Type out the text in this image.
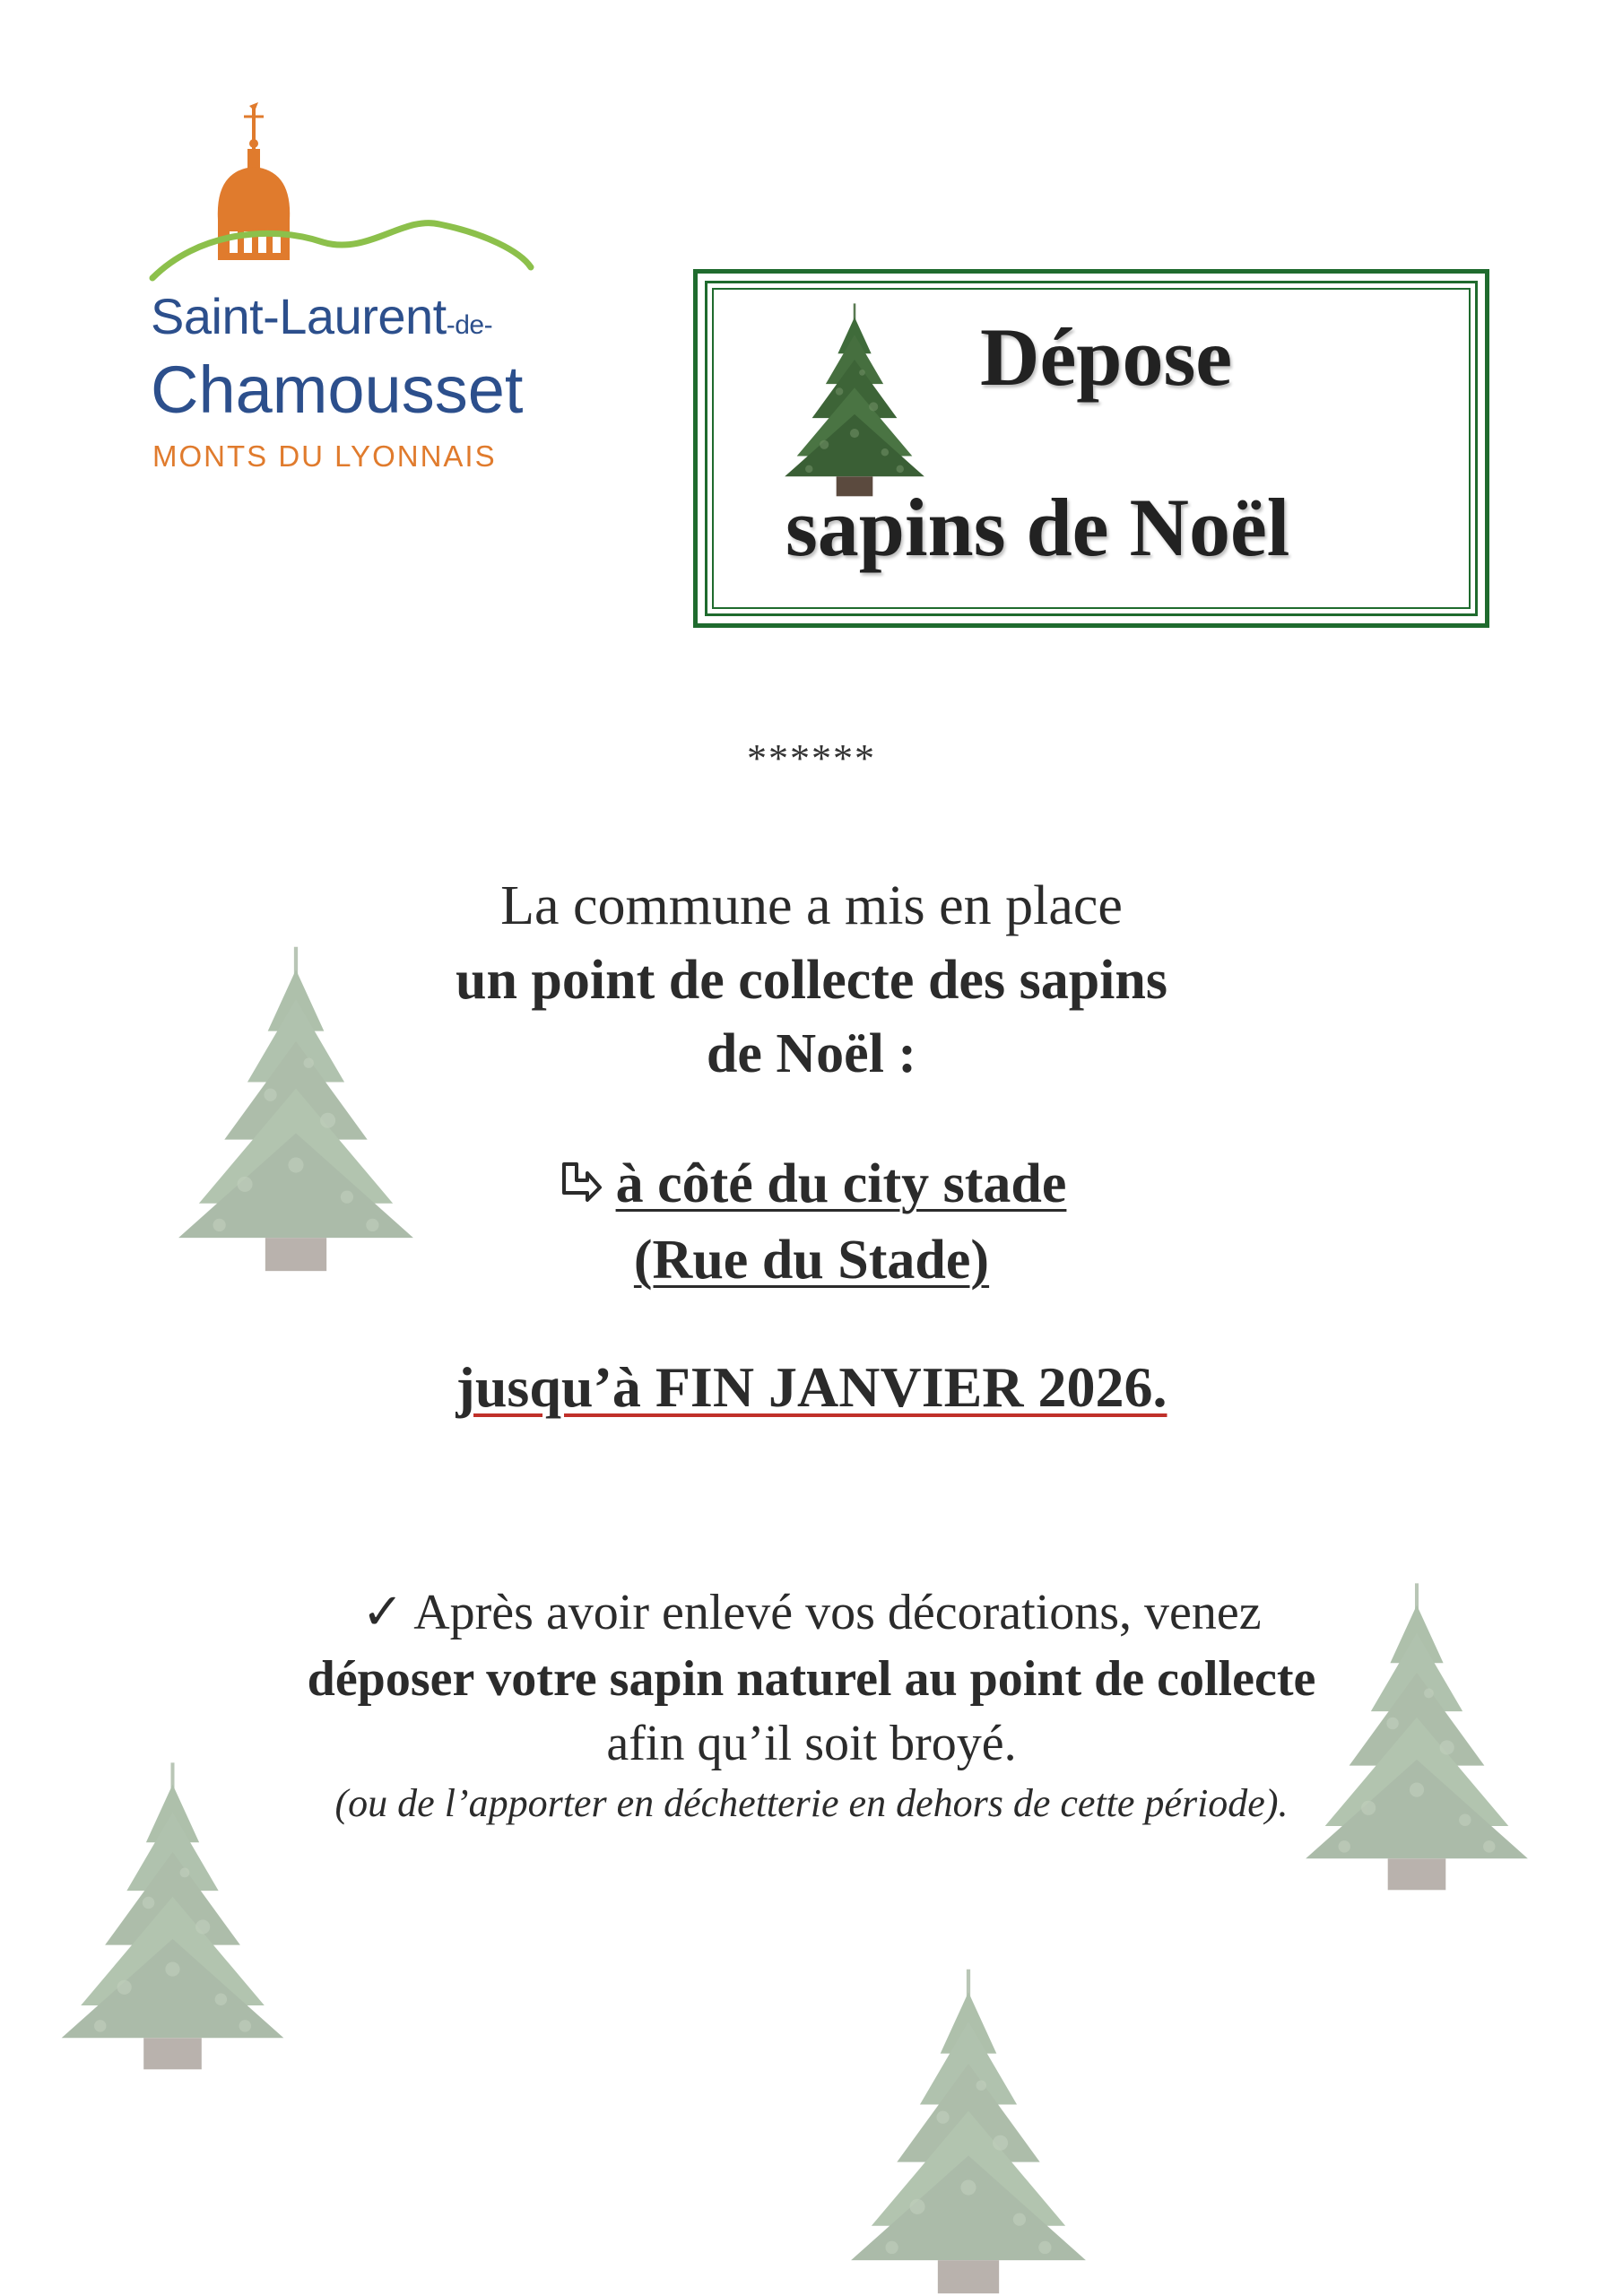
Saint-Laurent-de-
Chamousset
MONTS DU LYONNAIS
Dépose
sapins de Noël
******
La commune a mis en place
un point de collecte des sapins
de Noël :
à côté du city stade
(Rue du Stade)
jusqu’à FIN JANVIER 2026.
✓ Après avoir enlevé vos décorations, venez
déposer votre sapin naturel au point de collecte
afin qu’il soit broyé.
(ou de l’apporter en déchetterie en dehors de cette période).
